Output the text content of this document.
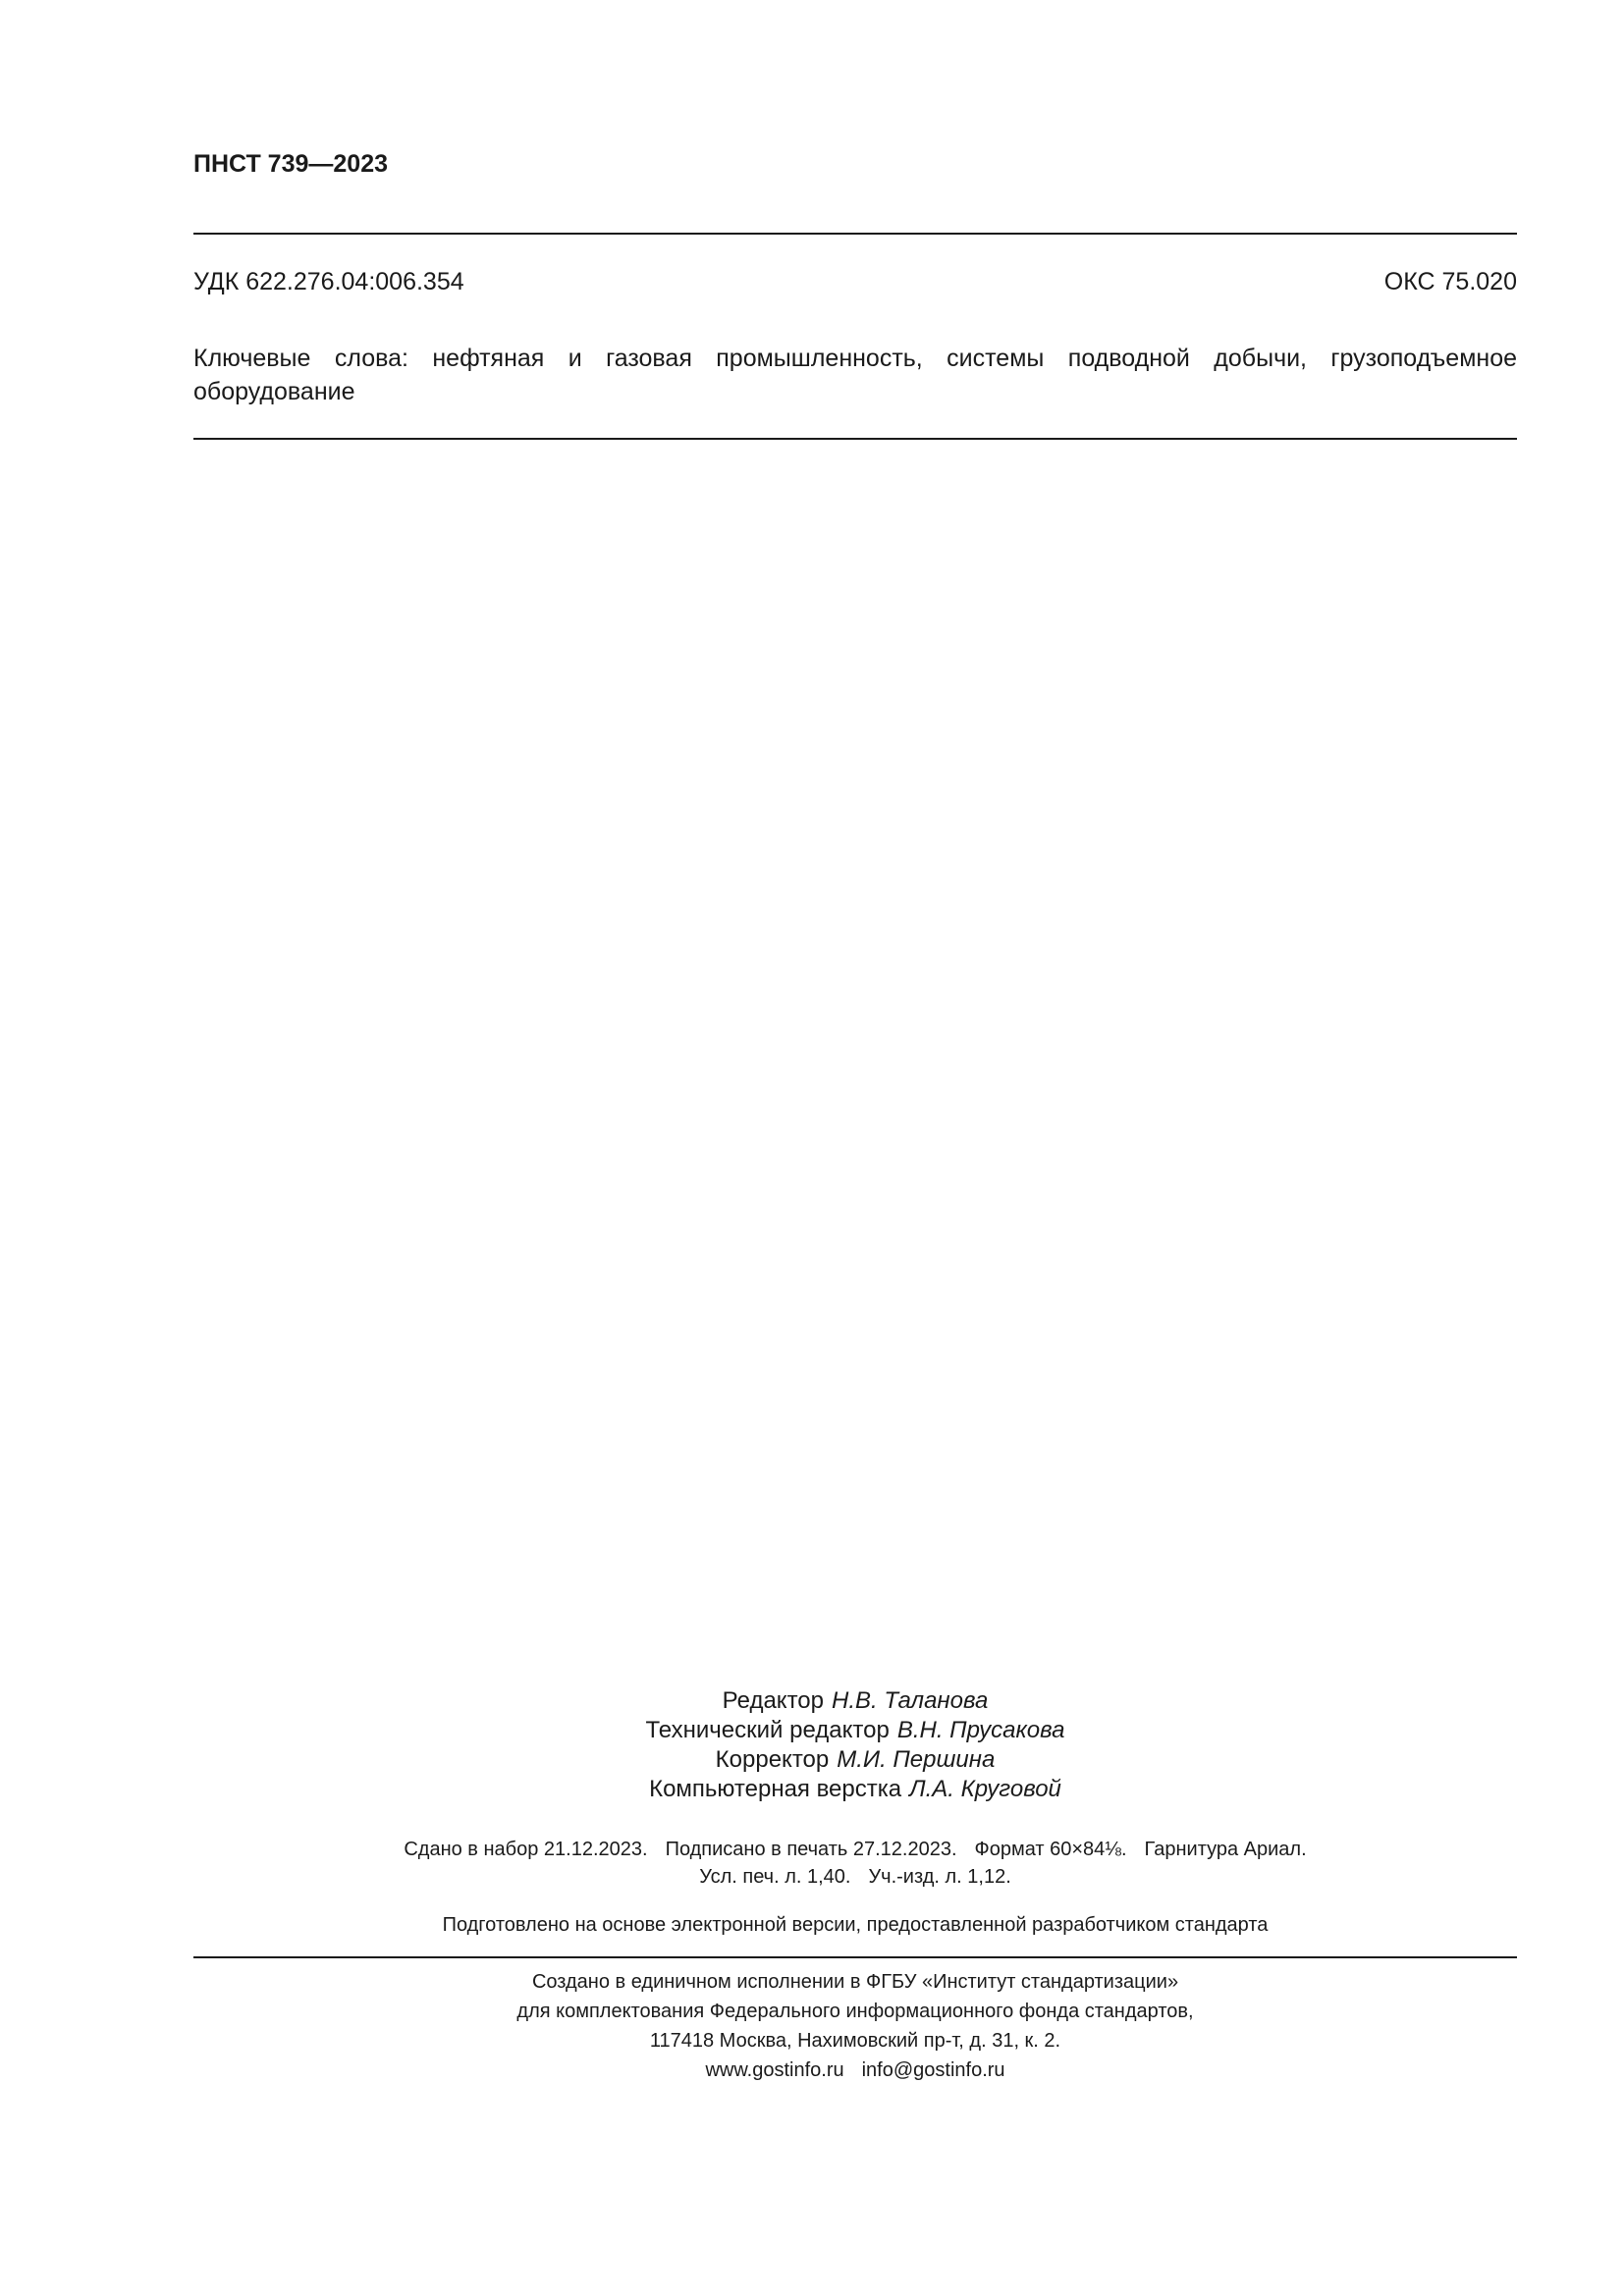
ПНСТ 739—2023
УДК 622.276.04:006.354	ОКС 75.020
Ключевые слова: нефтяная и газовая промышленность, системы подводной добычи, грузоподъемное оборудование
Редактор Н.В. Таланова
Технический редактор В.Н. Прусакова
Корректор М.И. Першина
Компьютерная верстка Л.А. Круговой
Сдано в набор 21.12.2023. Подписано в печать 27.12.2023. Формат 60×84⅛. Гарнитура Ариал.
Усл. печ. л. 1,40. Уч.-изд. л. 1,12.
Подготовлено на основе электронной версии, предоставленной разработчиком стандарта
Создано в единичном исполнении в ФГБУ «Институт стандартизации»
для комплектования Федерального информационного фонда стандартов,
117418 Москва, Нахимовский пр-т, д. 31, к. 2.
www.gostinfo.ru info@gostinfo.ru
